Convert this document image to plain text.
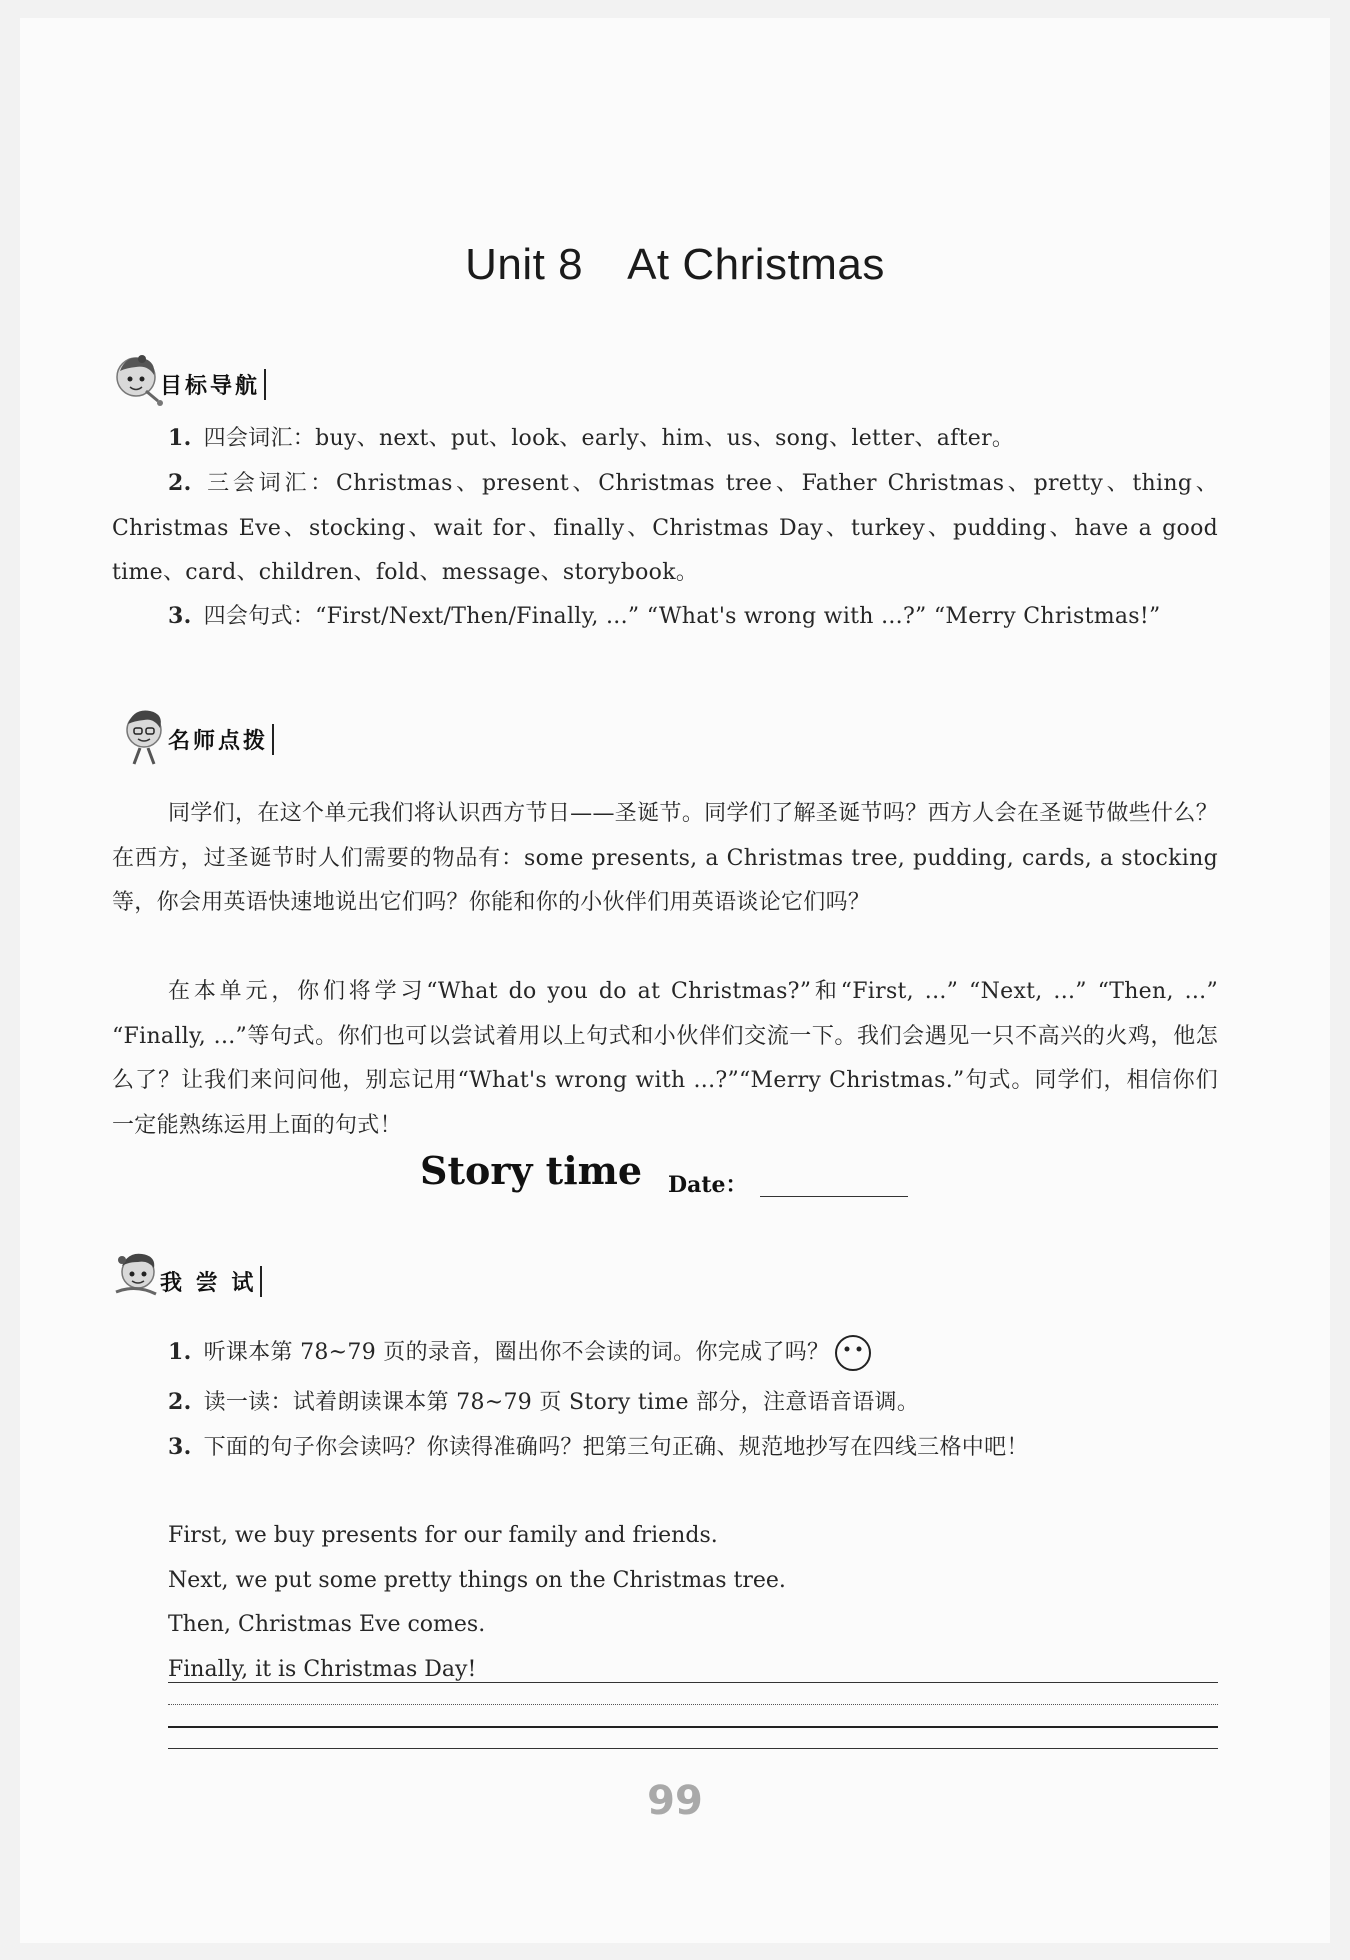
Unit 8 At Christmas
目标导航
1. 四会词汇：buy、next、put、look、early、him、us、song、letter、after。
2. 三会词汇：Christmas、present、Christmas tree、Father Christmas、pretty、thing、Christmas Eve、stocking、wait for、finally、Christmas Day、turkey、pudding、have a good time、card、children、fold、message、storybook。
3. 四会句式：“First/Next/Then/Finally, ...” “What's wrong with ...?” “Merry Christmas!”
名师点拨
同学们，在这个单元我们将认识西方节日——圣诞节。同学们了解圣诞节吗？西方人会在圣诞节做些什么？在西方，过圣诞节时人们需要的物品有：some presents, a Christmas tree, pudding, cards, a stocking 等，你会用英语快速地说出它们吗？你能和你的小伙伴们用英语谈论它们吗？
在本单元，你们将学习“What do you do at Christmas?”和“First, ...” “Next, ...” “Then, ...” “Finally, ...”等句式。你们也可以尝试着用以上句式和小伙伴们交流一下。我们会遇见一只不高兴的火鸡，他怎么了？让我们来问问他，别忘记用“What's wrong with ...?”“Merry Christmas.”句式。同学们，相信你们一定能熟练运用上面的句式！
Story time Date：
我 尝 试
1. 听课本第 78~79 页的录音，圈出你不会读的词。你完成了吗？
2. 读一读：试着朗读课本第 78~79 页 Story time 部分，注意语音语调。
3. 下面的句子你会读吗？你读得准确吗？把第三句正确、规范地抄写在四线三格中吧！
First, we buy presents for our family and friends.
Next, we put some pretty things on the Christmas tree.
Then, Christmas Eve comes.
Finally, it is Christmas Day!
99
